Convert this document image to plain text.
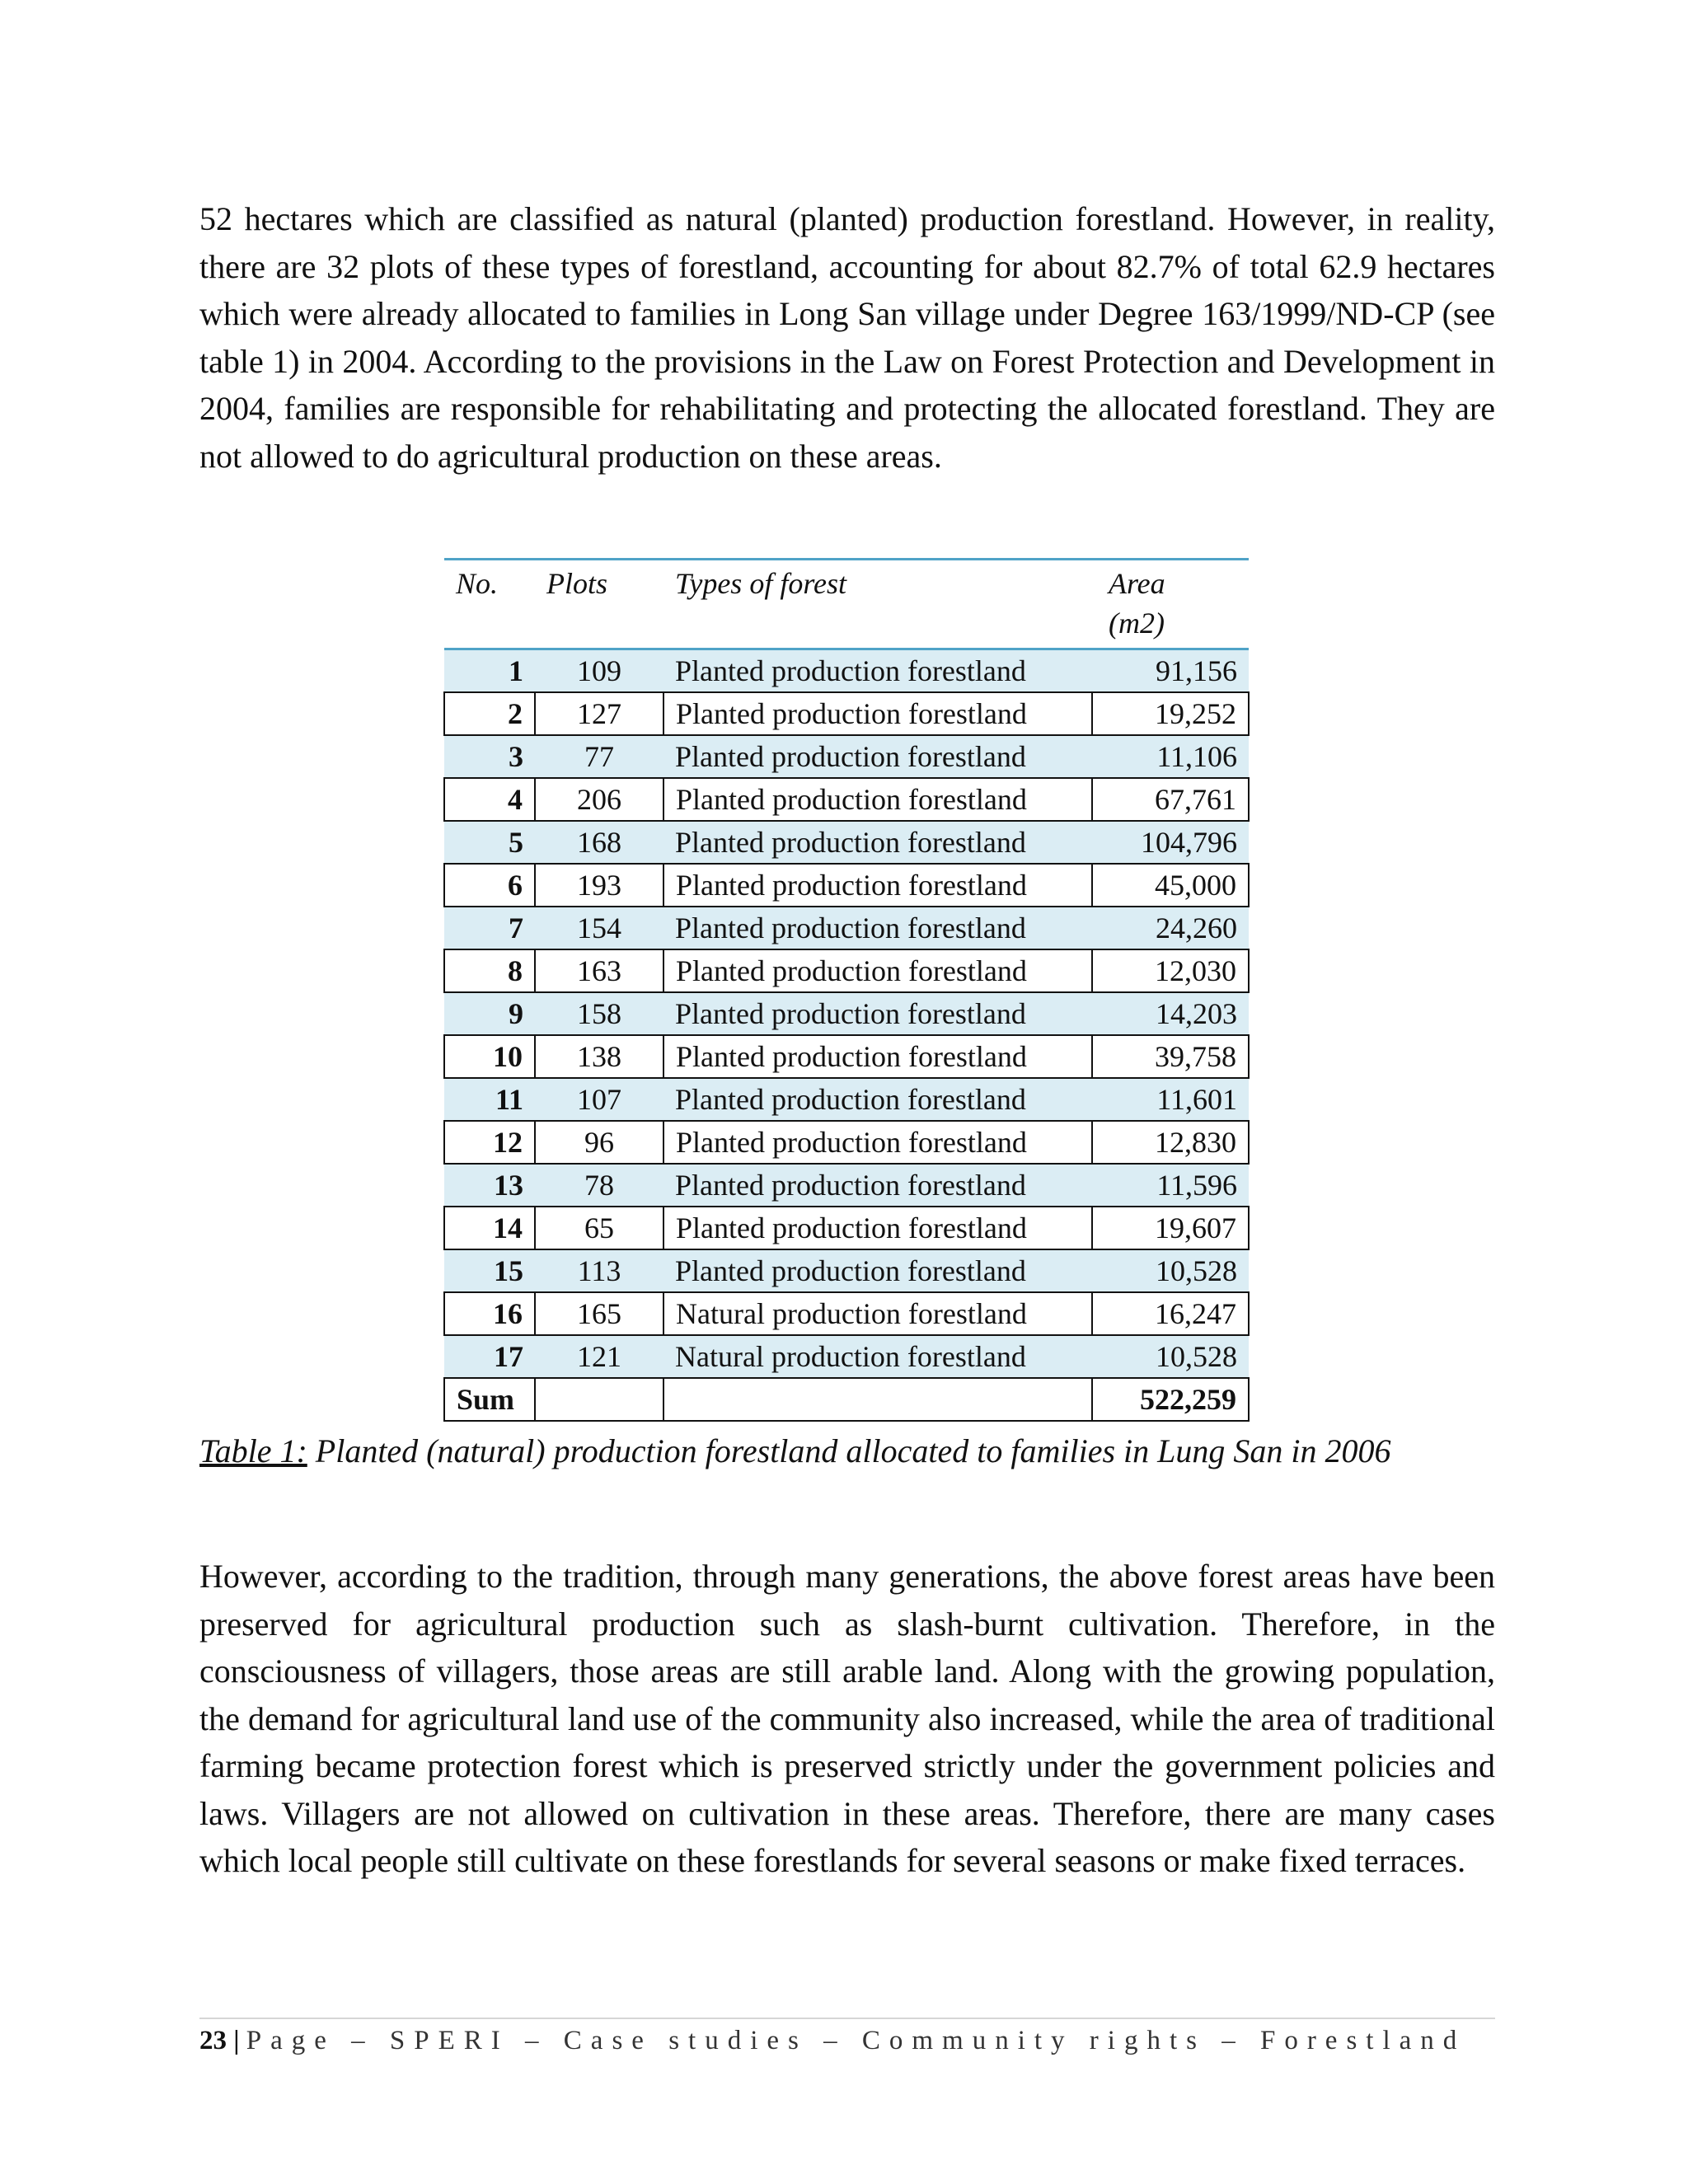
52 hectares which are classified as natural (planted) production forestland. However, in reality, there are 32 plots of these types of forestland, accounting for about 82.7% of total 62.9 hectares which were already allocated to families in Long San village under Degree 163/1999/ND-CP (see table 1) in 2004. According to the provisions in the Law on Forest Protection and Development in 2004, families are responsible for rehabilitating and protecting the allocated forestland. They are not allowed to do agricultural production on these areas.

No.	Plots	Types of forest	Area
(m2)
1	109	Planted production forestland	91,156
2	127	Planted production forestland	19,252
3	77	Planted production forestland	11,106
4	206	Planted production forestland	67,761
5	168	Planted production forestland	104,796
6	193	Planted production forestland	45,000
7	154	Planted production forestland	24,260
8	163	Planted production forestland	12,030
9	158	Planted production forestland	14,203
10	138	Planted production forestland	39,758
11	107	Planted production forestland	11,601
12	96	Planted production forestland	12,830
13	78	Planted production forestland	11,596
14	65	Planted production forestland	19,607
15	113	Planted production forestland	10,528
16	165	Natural production forestland	16,247
17	121	Natural production forestland	10,528
Sum			522,259

Table 1: Planted (natural) production forestland allocated to families in Lung San in 2006

However, according to the tradition, through many generations, the above forest areas have been preserved for agricultural production such as slash-burnt cultivation. Therefore, in the consciousness of villagers, those areas are still arable land. Along with the growing population, the demand for agricultural land use of the community also increased, while the area of traditional farming became protection forest which is preserved strictly under the government policies and laws. Villagers are not allowed on cultivation in these areas. Therefore, there are many cases which local people still cultivate on these forestlands for several seasons or make fixed terraces.

23 | Page – SPERI – Case studies – Community rights – Forestland
